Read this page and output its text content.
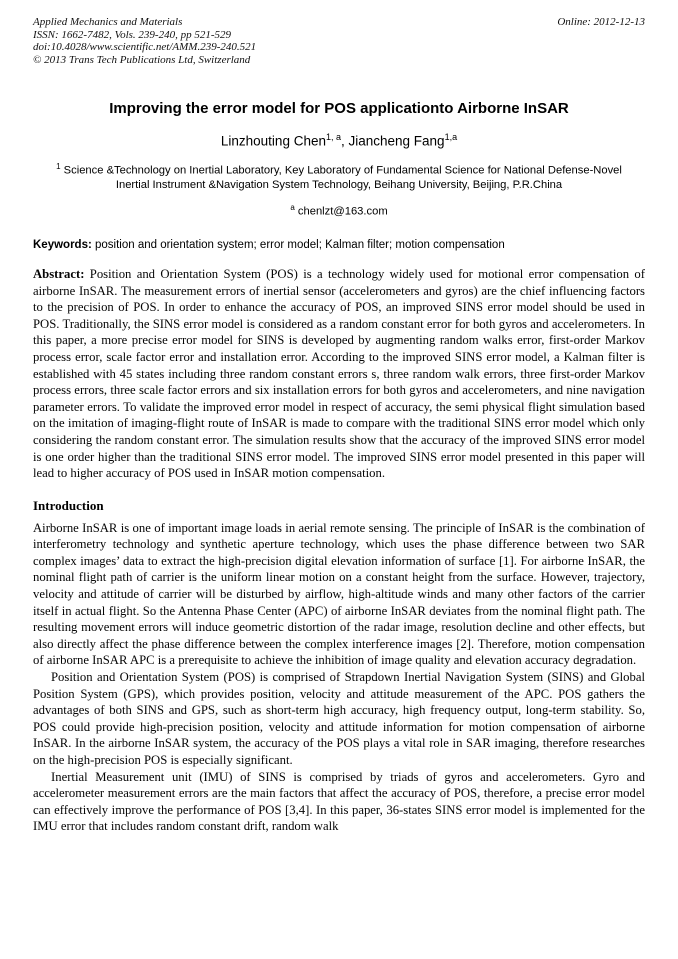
Applied Mechanics and Materials
ISSN: 1662-7482, Vols. 239-240, pp 521-529
doi:10.4028/www.scientific.net/AMM.239-240.521
© 2013 Trans Tech Publications Ltd, Switzerland
Online: 2012-12-13
Improving the error model for POS applicationto Airborne InSAR
Linzhouting Chen$^{1, a}$, Jiancheng Fang$^{1,a}$
$^1$ Science &Technology on Inertial Laboratory, Key Laboratory of Fundamental Science for National Defense-Novel Inertial Instrument &Navigation System Technology, Beihang University, Beijing, P.R.China
$^a$ chenlzt@163.com
Keywords: position and orientation system; error model; Kalman filter; motion compensation

Abstract: Position and Orientation System (POS) is a technology widely used for motional error compensation of airborne InSAR. The measurement errors of inertial sensor (accelerometers and gyros) are the chief influencing factors to the precision of POS. In order to enhance the accuracy of POS, an improved SINS error model should be used in POS. Traditionally, the SINS error model is considered as a random constant error for both gyros and accelerometers. In this paper, a more precise error model for SINS is developed by augmenting random walks error, first-order Markov process error, scale factor error and installation error. According to the improved SINS error model, a Kalman filter is established with 45 states including three random constant errors s, three random walk errors, three first-order Markov process errors, three scale factor errors and six installation errors for both gyros and accelerometers, and nine navigation parameter errors. To validate the improved error model in respect of accuracy, the semi physical flight simulation based on the imitation of imaging-flight route of InSAR is made to compare with the traditional SINS error model which only considering the random constant error. The simulation results show that the accuracy of the improved SINS error model is one order higher than the traditional SINS error model. The improved SINS error model presented in this paper will lead to higher accuracy of POS used in InSAR motion compensation.

Introduction

Airborne InSAR is one of important image loads in aerial remote sensing. The principle of InSAR is the combination of interferometry technology and synthetic aperture technology, which uses the phase difference between two SAR complex images’ data to extract the high-precision digital elevation information of surface [1]. For airborne InSAR, the nominal flight path of carrier is the uniform linear motion on a constant height from the surface. However, trajectory, velocity and attitude of carrier will be disturbed by airflow, high-altitude winds and many other factors of the carrier itself in actual flight. So the Antenna Phase Center (APC) of airborne InSAR deviates from the nominal flight path. The resulting movement errors will induce geometric distortion of the radar image, resolution decline and other effects, but also directly affect the phase difference between the complex interference images [2]. Therefore, motion compensation of airborne InSAR APC is a prerequisite to achieve the inhibition of image quality and elevation accuracy degradation.

Position and Orientation System (POS) is comprised of Strapdown Inertial Navigation System (SINS) and Global Position System (GPS), which provides position, velocity and attitude measurement of the APC. POS gathers the advantages of both SINS and GPS, such as short-term high accuracy, high frequency output, long-term stability. So, POS could provide high-precision position, velocity and attitude information for motion compensation of airborne InSAR. In the airborne InSAR system, the accuracy of the POS plays a vital role in SAR imaging, therefore researches on the high-precision POS is especially significant.

Inertial Measurement unit (IMU) of SINS is comprised by triads of gyros and accelerometers. Gyro and accelerometer measurement errors are the main factors that affect the accuracy of POS, therefore, a precise error model can effectively improve the performance of POS [3,4]. In this paper, 36-states SINS error model is implemented for the IMU error that includes random constant drift, random walk
